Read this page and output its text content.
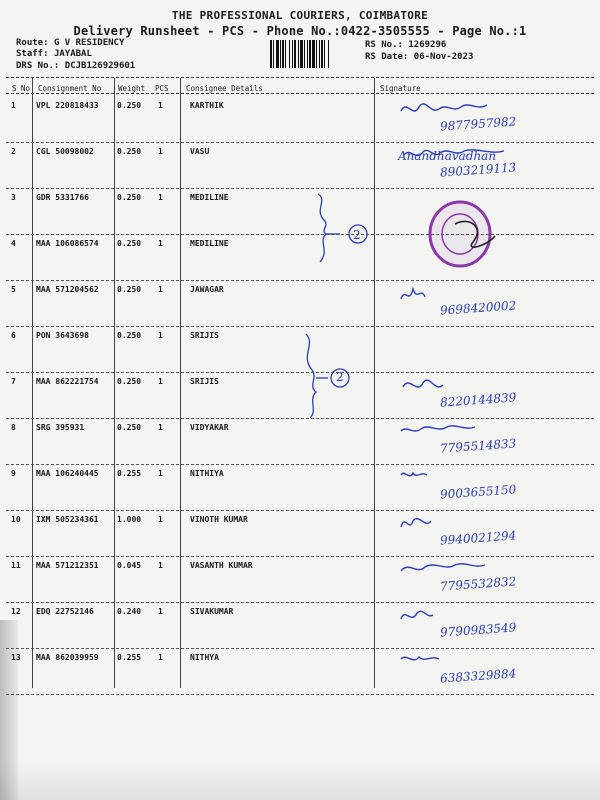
THE PROFESSIONAL COURIERS, COIMBATORE
Delivery Runsheet - PCS - Phone No.:0422-3505555 - Page No.:1
Route: G V RESIDENCY
Staff: JAYABAL
DRS No.: DCJB126929601
RS No.: 1269296
RS Date: 06-Nov-2023
S No Consignment No Weight PCS Consignee Details	Signature
1	VPL 220818433 0.250 1	KARTHIK
9877957982
2	CGL 50098002	0.250 1	VASU
8903219113
Anandhavadhan
3	GDR 5331766	0.250 1	MEDILINE
4	MAA 106086574 0.250 1	MEDILINE
5	MAA 571204562 0.250 1	JAWAGAR
9698420002
6	PON 3643698	0.250 1	SRIJIS
7	MAA 862221754 0.250 1	SRIJIS
8220144839
8	SRG 395931	0.250 1	VIDYAKAR
7795514833
9	MAA 106240445 0.255 1	NITHIYA
9003655150
10 IXM 505234361 1.000 1	VINOTH KUMAR
9940021294
11 MAA 571212351 0.045 1	VASANTH KUMAR
7795532832
12 EDQ 22752146	0.240 1	SIVAKUMAR
9790983549
13 MAA 862039959 0.255 1	NITHYA
6383329884
2
2
